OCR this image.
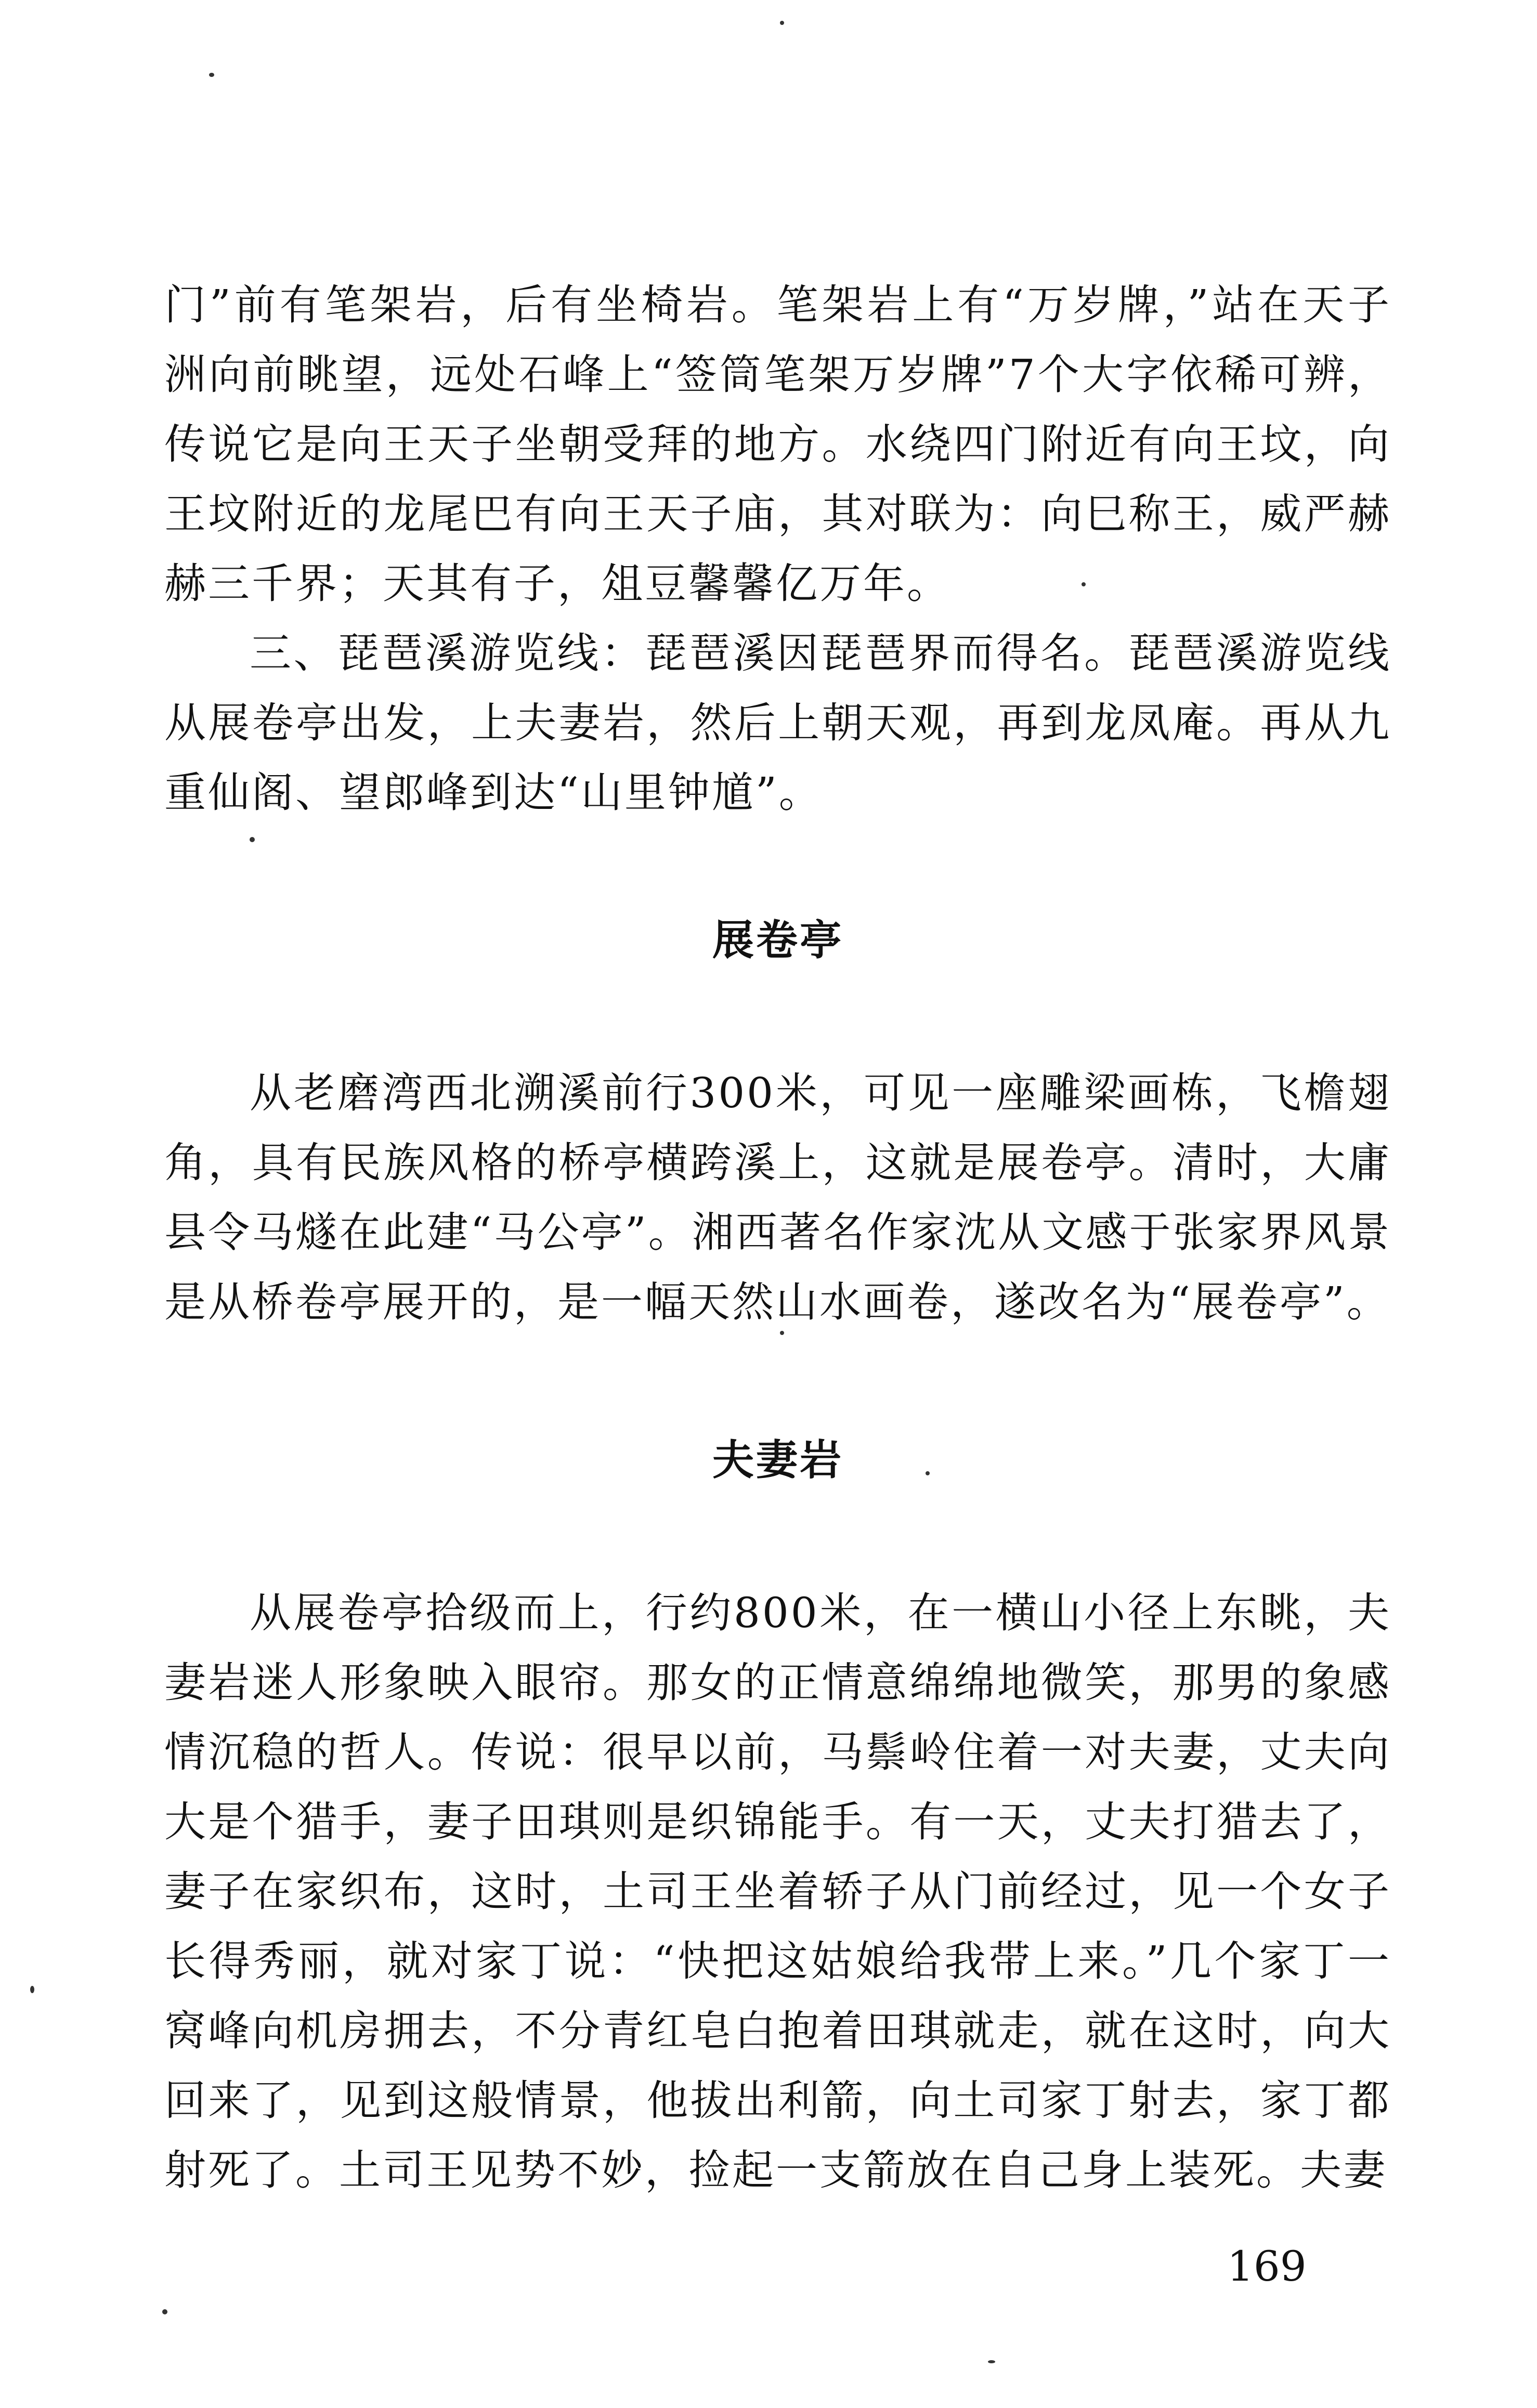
门”前有笔架岩，后有坐椅岩。笔架岩上有“万岁牌，”站在天子洲向前眺望，远处石峰上“签筒笔架万岁牌”7个大字依稀可辨，传说它是向王天子坐朝受拜的地方。水绕四门附近有向王坟，向王坟附近的龙尾巴有向王天子庙，其对联为：向巳称王，威严赫赫三千界；天其有子，俎豆馨馨亿万年。

三、琵琶溪游览线：琵琶溪因琵琶界而得名。琵琶溪游览线从展卷亭出发，上夫妻岩，然后上朝天观，再到龙凤庵。再从九重仙阁、望郎峰到达“山里钟馗”。

展卷亭

从老磨湾西北溯溪前行300米，可见一座雕梁画栋，飞檐翅角，具有民族风格的桥亭横跨溪上，这就是展卷亭。清时，大庸县令马燧在此建“马公亭”。湘西著名作家沈从文感于张家界风景是从桥卷亭展开的，是一幅天然山水画卷，遂改名为“展卷亭”。

夫妻岩

从展卷亭拾级而上，行约800米，在一横山小径上东眺，夫妻岩迷人形象映入眼帘。那女的正情意绵绵地微笑，那男的象感情沉稳的哲人。传说：很早以前，马鬃岭住着一对夫妻，丈夫向大是个猎手，妻子田琪则是织锦能手。有一天，丈夫打猎去了，妻子在家织布，这时，土司王坐着轿子从门前经过，见一个女子长得秀丽，就对家丁说：“快把这姑娘给我带上来。”几个家丁一窝峰向机房拥去，不分青红皂白抱着田琪就走，就在这时，向大回来了，见到这般情景，他拔出利箭，向土司家丁射去，家丁都射死了。土司王见势不妙，捡起一支箭放在自己身上装死。夫妻

169
